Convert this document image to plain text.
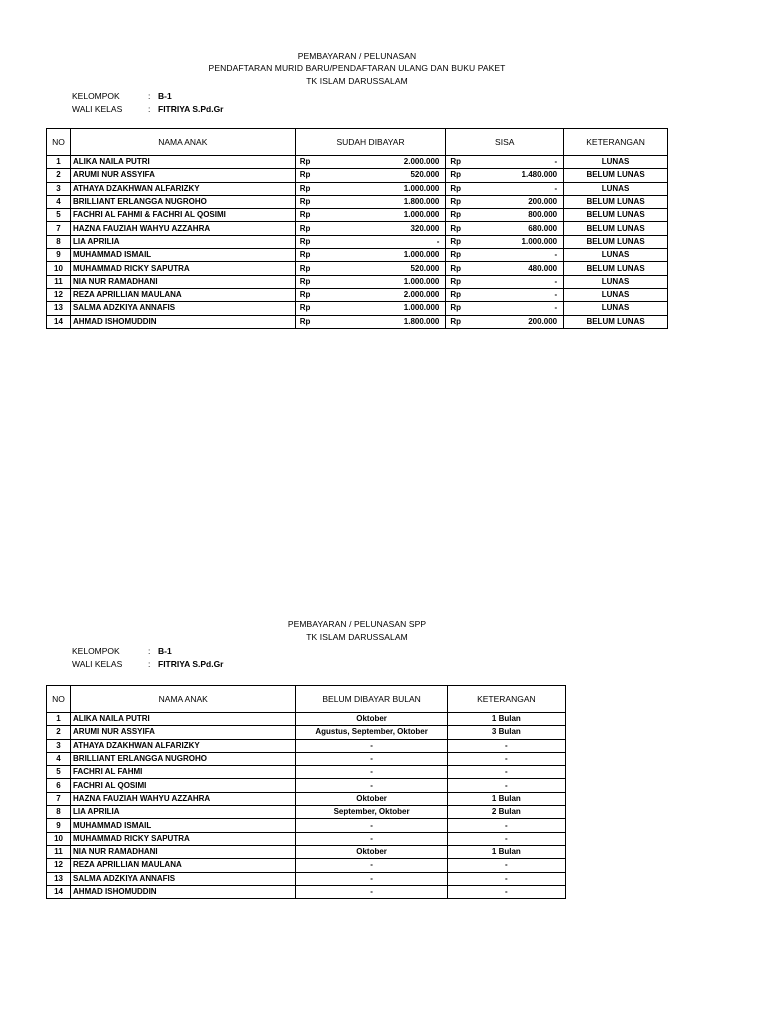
PEMBAYARAN / PELUNASAN
PENDAFTARAN MURID BARU/PENDAFTARAN ULANG DAN BUKU PAKET
TK ISLAM DARUSSALAM
KELOMPOK	: B-1
WALI KELAS	: FITRIYA S.Pd.Gr
NO	NAMA ANAK	SUDAH DIBAYAR		SISA		KETERANGAN
1	ALIKA NAILA PUTRI	Rp	2.000.000	Rp	-	LUNAS
2	ARUMI NUR ASSYIFA	Rp	520.000	Rp	1.480.000	BELUM LUNAS
3	ATHAYA DZAKHWAN ALFARIZKY	Rp	1.000.000	Rp	-	LUNAS
4	BRILLIANT ERLANGGA NUGROHO	Rp	1.800.000	Rp	200.000	BELUM LUNAS
5	FACHRI AL FAHMI & FACHRI AL QOSIMI	Rp	1.000.000	Rp	800.000	BELUM LUNAS
7	HAZNA FAUZIAH WAHYU AZZAHRA	Rp	320.000	Rp	680.000	BELUM LUNAS
8	LIA APRILIA	Rp	-	Rp	1.000.000	BELUM LUNAS
9	MUHAMMAD ISMAIL	Rp	1.000.000	Rp	-	LUNAS
10	MUHAMMAD RICKY SAPUTRA	Rp	520.000	Rp	480.000	BELUM LUNAS
11	NIA NUR RAMADHANI	Rp	1.000.000	Rp	-	LUNAS
12	REZA APRILLIAN MAULANA	Rp	2.000.000	Rp	-	LUNAS
13	SALMA ADZKIYA ANNAFIS	Rp	1.000.000	Rp	-	LUNAS
14	AHMAD ISHOMUDDIN	Rp	1.800.000	Rp	200.000	BELUM LUNAS
PEMBAYARAN / PELUNASAN SPP
TK ISLAM DARUSSALAM
KELOMPOK	: B-1
WALI KELAS	: FITRIYA S.Pd.Gr
NO	NAMA ANAK	BELUM DIBAYAR BULAN	KETERANGAN
1	ALIKA NAILA PUTRI	Oktober	1 Bulan
2	ARUMI NUR ASSYIFA	Agustus, September, Oktober	3 Bulan
3	ATHAYA DZAKHWAN ALFARIZKY	-	-
4	BRILLIANT ERLANGGA NUGROHO	-	-
5	FACHRI AL FAHMI	-	-
6	FACHRI AL QOSIMI	-	-
7	HAZNA FAUZIAH WAHYU AZZAHRA	Oktober	1 Bulan
8	LIA APRILIA	September, Oktober	2 Bulan
9	MUHAMMAD ISMAIL	-	-
10	MUHAMMAD RICKY SAPUTRA	-	-
11	NIA NUR RAMADHANI	Oktober	1 Bulan
12	REZA APRILLIAN MAULANA	-	-
13	SALMA ADZKIYA ANNAFIS	-	-
14	AHMAD ISHOMUDDIN	-	-
